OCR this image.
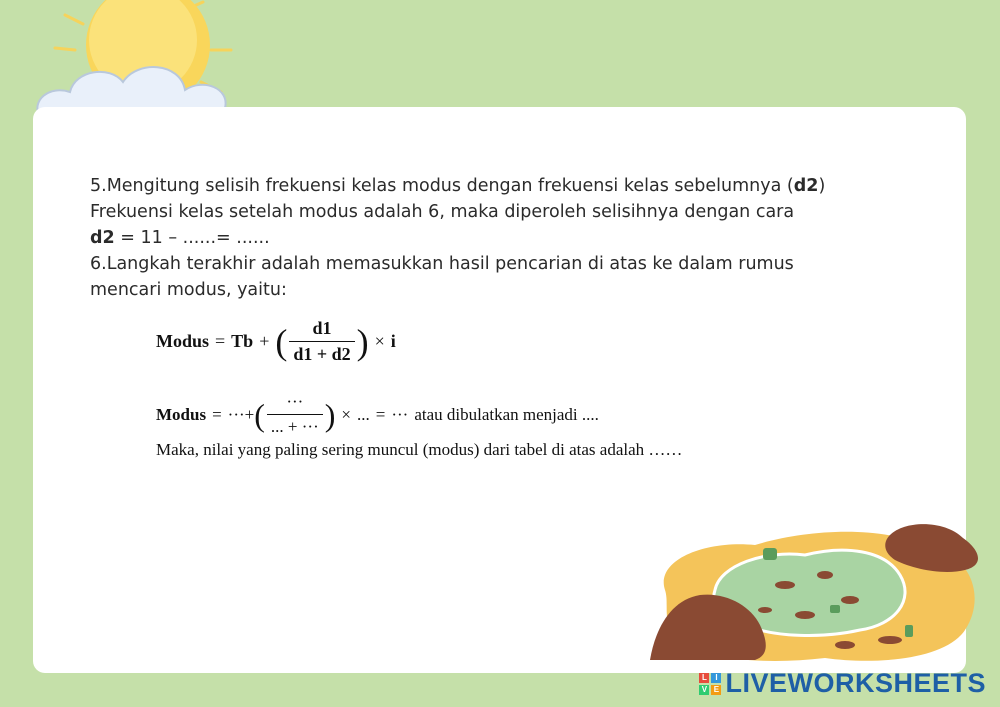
5.Mengitung selisih frekuensi kelas modus dengan frekuensi kelas sebelumnya (d2)

Frekuensi kelas setelah modus adalah 6, maka diperoleh selisihnya dengan cara

d2 = 11 – ......= ......

6.Langkah terakhir adalah memasukkan hasil pencarian di atas ke dalam rumus

mencari modus, yaitu:

Modus = Tb + ( $\frac{d1}{d1 + d2}$ ) × i
Modus = ··· + ( $\frac{\cdot\cdot\cdot}{... + \cdot\cdot\cdot}$ ) × ... = ··· atau dibulatkan menjadi ....
Maka, nilai yang paling sering muncul (modus) dari tabel di atas adalah ……
L	I
V E LIVEWORKSHEETS
